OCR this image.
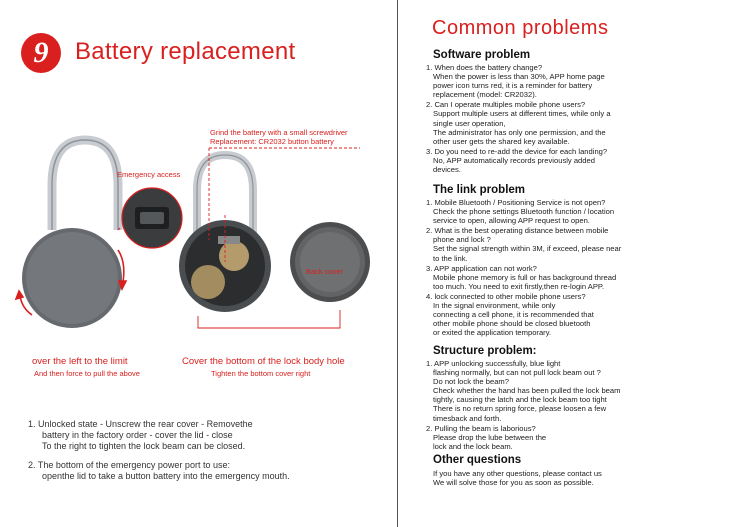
9	Battery replacement
Grind the battery with a small screwdriver
Replacement: CR2032 button battery
Emergency access
Back cover
over the left to the limit
And then force to pull the above
Cover the bottom of the lock body hole
Tighten the bottom cover right
1. Unlocked state - Unscrew the rear cover - Removethe
battery in the factory order - cover the lid - close
To the right to tighten the lock beam can be closed.
2. The bottom of the emergency power port to use:
openthe lid to take a button battery into the emergency mouth.
Common problems
Software problem
1. When does the battery change?
When the power is less than 30%, APP home page
power icon turns red, it is a reminder for battery
replacement (model: CR2032).
2. Can I operate multiples mobile phone users?
Support multiple users at different times, while only a
single user operation,
The administrator has only one permission, and the
other user gets the shared key available.
3. Do you need to re-add the device for each landing?
No, APP automatically records previously added
devices.
The link problem
1. Mobile Bluetooth / Positioning Service is not open?
Check the phone settings Bluetooth function / location
service to open, allowing APP request to open.
2. What is the best operating distance between mobile
phone and lock ?
Set the signal strength within 3M, if exceed, please near
to the link.
3. APP application can not work?
Mobile phone memory is full or has background thread
too much. You need to exit firstly,then re-login APP.
4. lock connected to other mobile phone users?
In the signal environment, while only
connecting a cell phone, it is recommended that
other mobile phone should be closed bluetooth
or exited the application temporary.
Structure problem:
1. APP unlocking successfully, blue light
flashing normally, but can not pull lock beam out ?
Do not lock the beam?
Check whether the hand has been pulled the lock beam
tightly, causing the latch and the lock beam too tight
There is no return spring force, please loosen a few
timesback and forth.
2. Pulling the beam is laborious?
Please drop the lube between the
lock and the lock beam.
Other questions
If you have any other questions, please contact us
We will solve those for you as soon as possible.
